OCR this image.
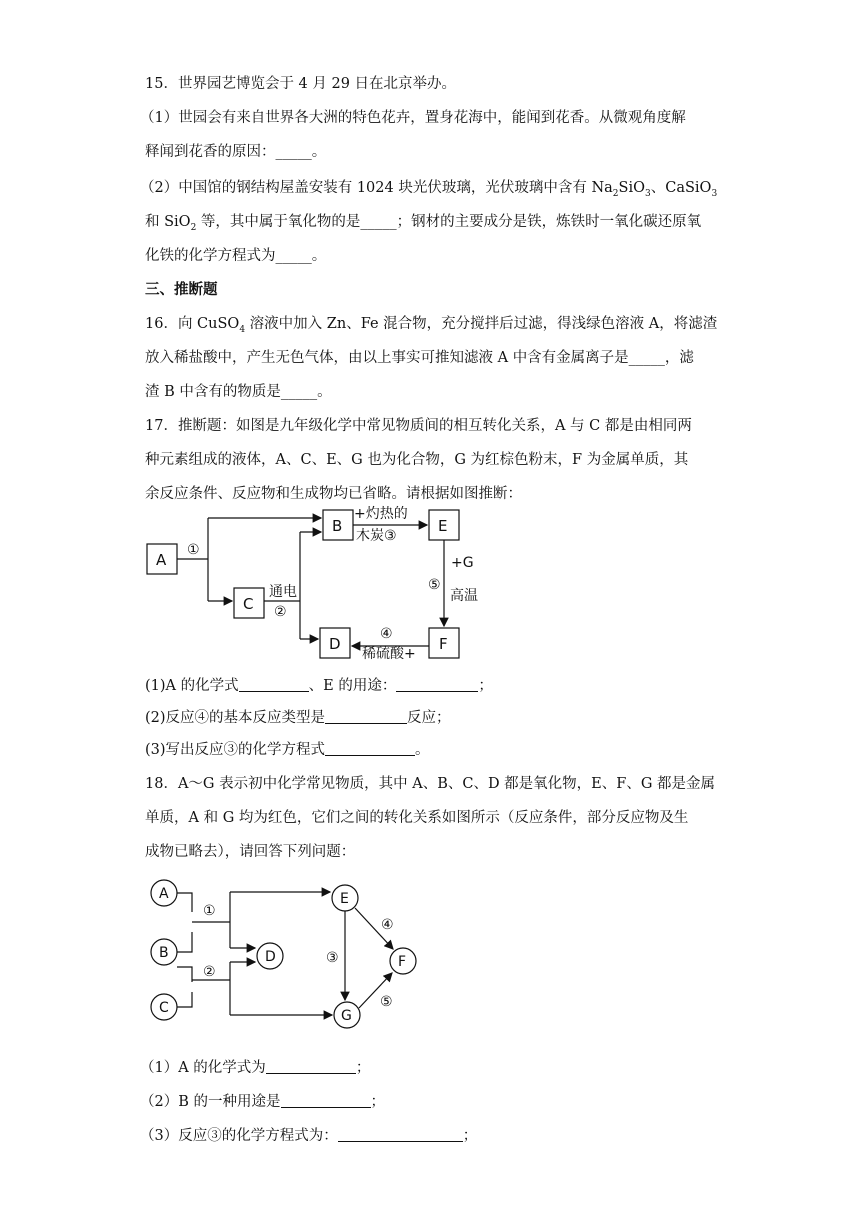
15．世界园艺博览会于 4 月 29 日在北京举办。
（1）世园会有来自世界各大洲的特色花卉，置身花海中，能闻到花香。从微观角度解
释闻到花香的原因：_____。
（2）中国馆的钢结构屋盖安装有 1024 块光伏玻璃，光伏玻璃中含有 $Na_2SiO_3$、CaSiO$_3$
和 SiO$_2$ 等，其中属于氧化物的是_____；钢材的主要成分是铁，炼铁时一氧化碳还原氧
化铁的化学方程式为_____。
三、推断题
16．向 CuSO$_4$ 溶液中加入 Zn、Fe 混合物，充分搅拌后过滤，得浅绿色溶液 A，将滤渣
放入稀盐酸中，产生无色气体，由以上事实可推知滤液 A 中含有金属离子是_____，滤
渣 B 中含有的物质是_____。
17．推断题：如图是九年级化学中常见物质间的相互转化关系，A 与 C 都是由相同两
种元素组成的液体，A、C、E、G 也为化合物，G 为红棕色粉末，F 为金属单质，其
余反应条件、反应物和生成物均已省略。请根据如图推断：
A
B
C
D
E
F
①
+灼热的
木炭③
通电
②
+G
⑤
高温
④
稀硫酸+
(1)A 的化学式	、E 的用途：	；
(2)反应④的基本反应类型是	反应；
(3)写出反应③的化学方程式	。
18．A～G 表示初中化学常见物质，其中 A、B、C、D 都是氧化物，E、F、G 都是金属
单质，A 和 G 均为红色，它们之间的转化关系如图所示（反应条件，部分反应物及生
成物已略去），请回答下列问题：
A
B
C
D
E
F
G
①
②
③
④
⑤
（1）A 的化学式为	；
（2）B 的一种用途是	；
（3）反应③的化学方程式为：	；
